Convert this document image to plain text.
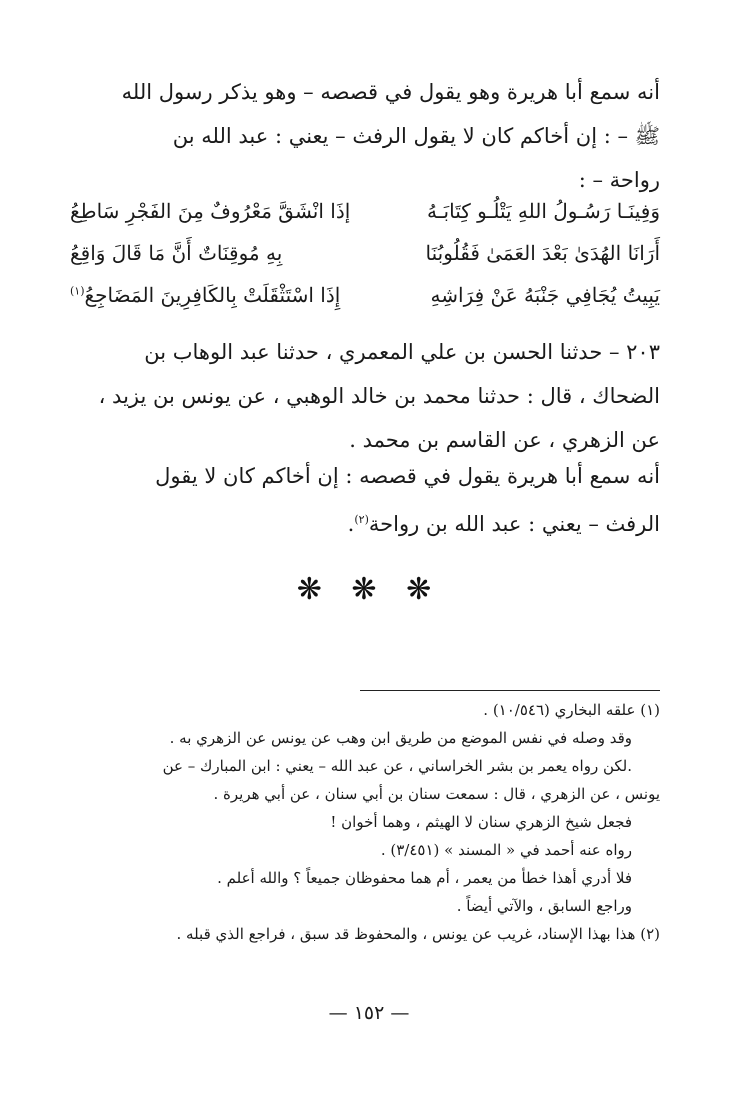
أنه سمع أبا هريرة وهو يقول في قصصه – وهو يذكر رسول الله
ﷺ – : إن أخاكم كان لا يقول الرفث – يعني : عبد الله بن
رواحة – :
وَفِينَـا رَسُـولُ اللهِ يَتْلُـو كِتَابَـهُ
إذَا انْشَقَّ مَعْرُوفٌ مِنَ الفَجْرِ سَاطِعُ
أَرَانَا الهُدَىٰ بَعْدَ العَمَىٰ فَقُلُوبُنَا
بِهِ مُوقِنَاتٌ أَنَّ مَا قَالَ وَاقِعُ
يَبِيتُ يُجَافِي جَنْبَهُ عَنْ فِرَاشِهِ
إِذَا اسْتَثْقَلَتْ بِالكَافِرِينَ المَضَاجِعُ$^{(١)}$
٢٠٣ – حدثنا الحسن بن علي المعمري ، حدثنا عبد الوهاب بن
الضحاك ، قال : حدثنا محمد بن خالد الوهبي ، عن يونس بن يزيد ،
عن الزهري ، عن القاسم بن محمد .
أنه سمع أبا هريرة يقول في قصصه : إن أخاكم كان لا يقول
الرفث – يعني : عبد الله بن رواحة$^{(٢)}$.
❋ ❋ ❋
(١) علقه البخاري (١٠/٥٤٦) .
وقد وصله في نفس الموضع من طريق ابن وهب عن يونس عن الزهري به .
.لكن رواه يعمر بن بشر الخراساني ، عن عبد الله – يعني : ابن المبارك – عن
يونس ، عن الزهري ، قال : سمعت سنان بن أبي سنان ، عن أبي هريرة .
فجعل شيخ الزهري سنان لا الهيثم ، وهما أخوان !
رواه عنه أحمد في « المسند » (٣/٤٥١) .
فلا أدري أهذا خطأ من يعمر ، أم هما محفوظان جميعاً ؟ والله أعلم .
وراجع السابق ، والآتي أيضاً .
(٢) هذا بهذا الإسناد، غريب عن يونس ، والمحفوظ قد سبق ، فراجع الذي قبله .
— ١٥٢ —
